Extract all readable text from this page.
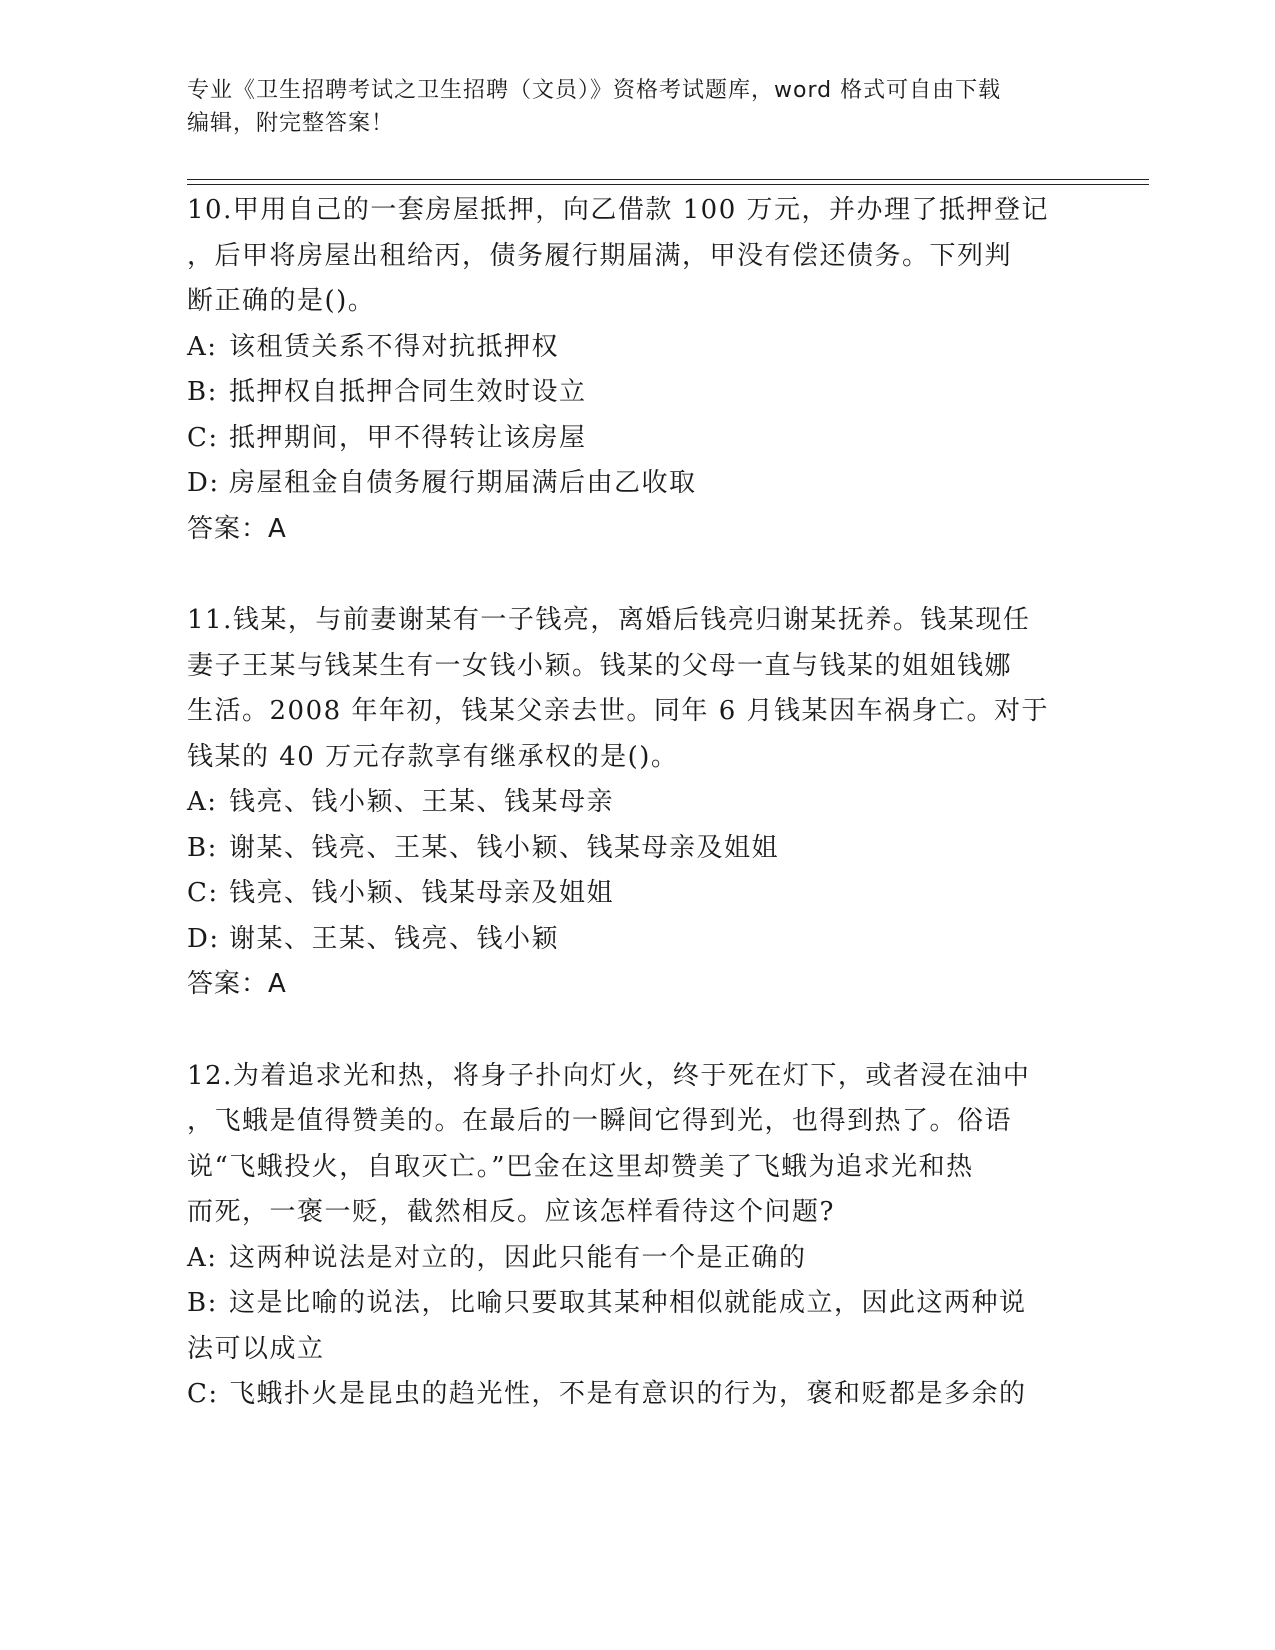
专业《卫生招聘考试之卫生招聘（文员）》资格考试题库，word 格式可自由下载
编辑，附完整答案！
10.甲用自己的一套房屋抵押，向乙借款 100 万元，并办理了抵押登记
，后甲将房屋出租给丙，债务履行期届满，甲没有偿还债务。下列判
断正确的是()。
A: 该租赁关系不得对抗抵押权
B: 抵押权自抵押合同生效时设立
C: 抵押期间，甲不得转让该房屋
D: 房屋租金自债务履行期届满后由乙收取
答案：A
11.钱某，与前妻谢某有一子钱亮，离婚后钱亮归谢某抚养。钱某现任
妻子王某与钱某生有一女钱小颖。钱某的父母一直与钱某的姐姐钱娜
生活。2008 年年初，钱某父亲去世。同年 6 月钱某因车祸身亡。对于
钱某的 40 万元存款享有继承权的是()。
A: 钱亮、钱小颖、王某、钱某母亲
B: 谢某、钱亮、王某、钱小颖、钱某母亲及姐姐
C: 钱亮、钱小颖、钱某母亲及姐姐
D: 谢某、王某、钱亮、钱小颖
答案：A
12.为着追求光和热，将身子扑向灯火，终于死在灯下，或者浸在油中
，飞蛾是值得赞美的。在最后的一瞬间它得到光，也得到热了。俗语
说“飞蛾投火，自取灭亡。”巴金在这里却赞美了飞蛾为追求光和热
而死，一褒一贬，截然相反。应该怎样看待这个问题?
A: 这两种说法是对立的，因此只能有一个是正确的
B: 这是比喻的说法，比喻只要取其某种相似就能成立，因此这两种说
法可以成立
C: 飞蛾扑火是昆虫的趋光性，不是有意识的行为，褒和贬都是多余的
